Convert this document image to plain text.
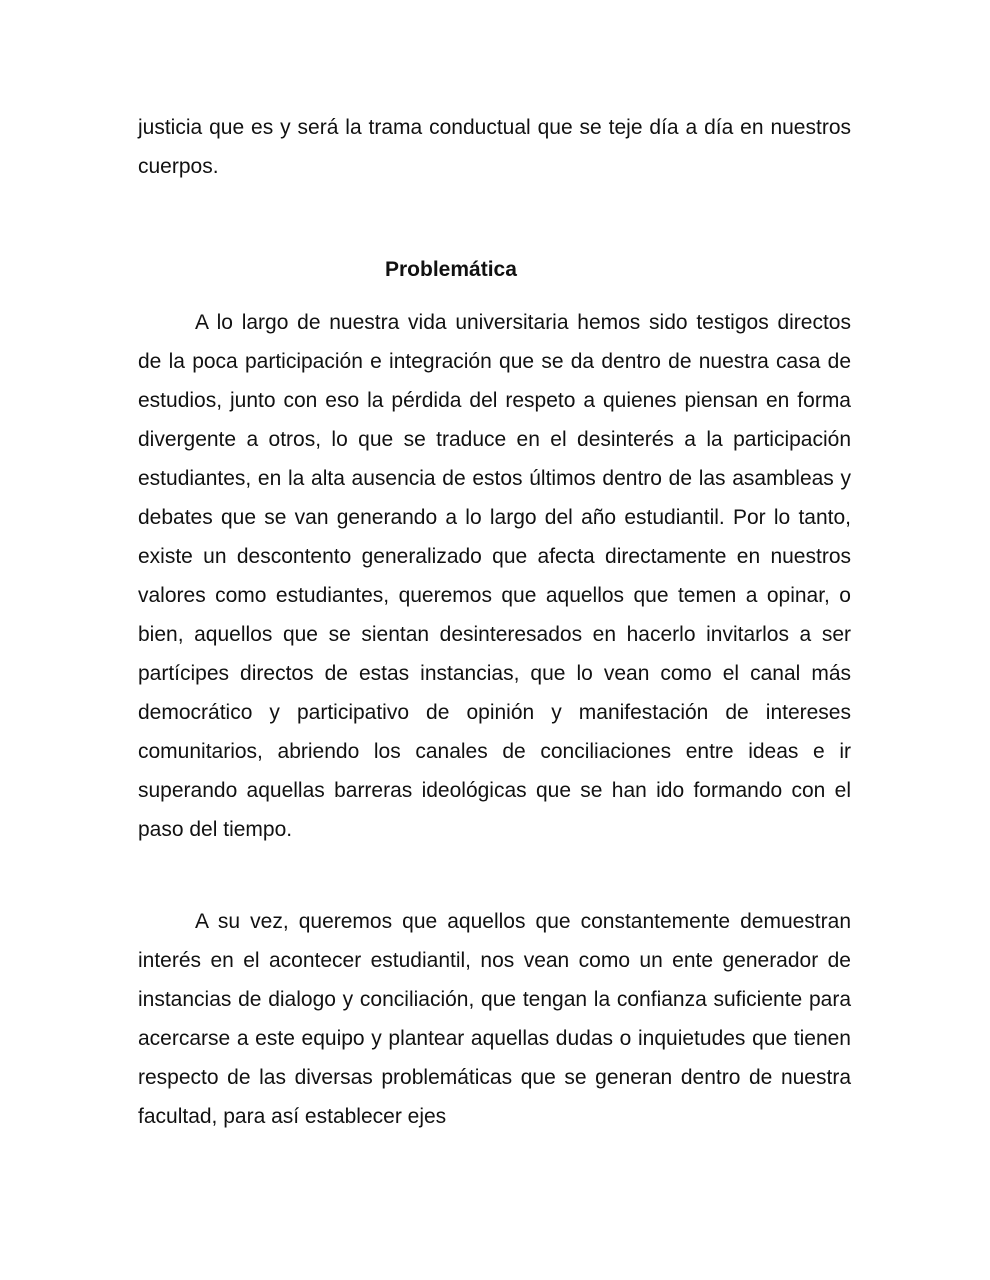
justicia que es y será la trama conductual que se teje día a día en nuestros cuerpos.

Problemática

A lo largo de nuestra vida universitaria hemos sido testigos directos de la poca participación e integración que se da dentro de nuestra casa de estudios, junto con eso la pérdida del respeto a quienes piensan en forma divergente a otros, lo que se traduce en el desinterés a la participación estudiantes, en la alta ausencia de estos últimos dentro de las asambleas y debates que se van generando a lo largo del año estudiantil. Por lo tanto, existe un descontento generalizado que afecta directamente en nuestros valores como estudiantes, queremos que aquellos que temen a opinar, o bien, aquellos que se sientan desinteresados en hacerlo invitarlos a ser partícipes directos de estas instancias, que lo vean como el canal más democrático y participativo de opinión y manifestación de intereses comunitarios, abriendo los canales de conciliaciones entre ideas e ir superando aquellas barreras ideológicas que se han ido formando con el paso del tiempo.

A su vez, queremos que aquellos que constantemente demuestran interés en el acontecer estudiantil, nos vean como un ente generador de instancias de dialogo y conciliación, que tengan la confianza suficiente para acercarse a este equipo y plantear aquellas dudas o inquietudes que tienen respecto de las diversas problemáticas que se generan dentro de nuestra facultad, para así establecer ejes
